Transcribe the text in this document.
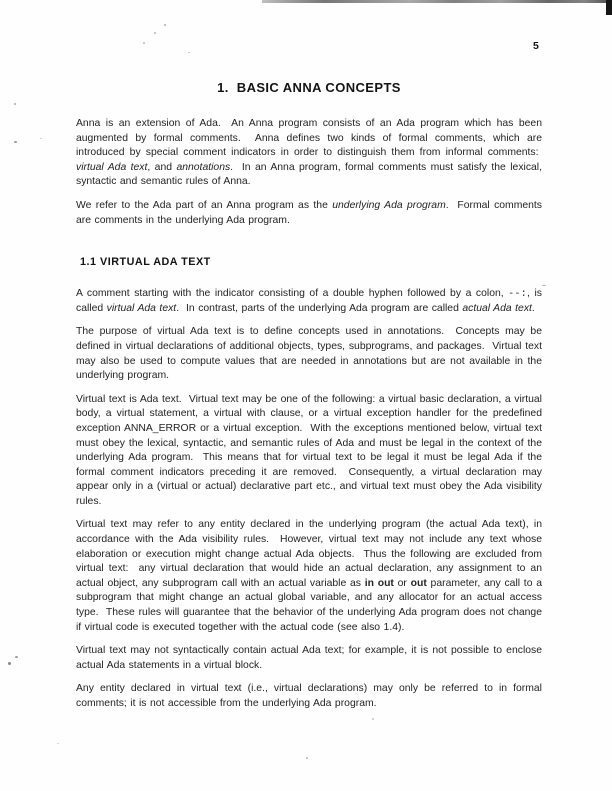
5
1.  BASIC ANNA CONCEPTS

Anna is an extension of Ada.  An Anna program consists of an Ada program which has been augmented by formal comments.  Anna defines two kinds of formal comments, which are introduced by special comment indicators in order to distinguish them from informal comments:  virtual Ada text, and annotations.  In an Anna program, formal comments must satisfy the lexical, syntactic and semantic rules of Anna.

We refer to the Ada part of an Anna program as the underlying Ada program.  Formal comments are comments in the underlying Ada program.

1.1 VIRTUAL ADA TEXT

A comment starting with the indicator consisting of a double hyphen followed by a colon, --:, is called virtual Ada text.  In contrast, parts of the underlying Ada program are called actual Ada text.

The purpose of virtual Ada text is to define concepts used in annotations.  Concepts may be defined in virtual declarations of additional objects, types, subprograms, and packages.  Virtual text may also be used to compute values that are needed in annotations but are not available in the underlying program.

Virtual text is Ada text.  Virtual text may be one of the following: a virtual basic declaration, a virtual body, a virtual statement, a virtual with clause, or a virtual exception handler for the predefined exception ANNA_ERROR or a virtual exception.  With the exceptions mentioned below, virtual text must obey the lexical, syntactic, and semantic rules of Ada and must be legal in the context of the underlying Ada program.  This means that for virtual text to be legal it must be legal Ada if the formal comment indicators preceding it are removed.  Consequently, a virtual declaration may appear only in a (virtual or actual) declarative part etc., and virtual text must obey the Ada visibility rules.

Virtual text may refer to any entity declared in the underlying program (the actual Ada text), in accordance with the Ada visibility rules.  However, virtual text may not include any text whose elaboration or execution might change actual Ada objects.  Thus the following are excluded from virtual text:  any virtual declaration that would hide an actual declaration, any assignment to an actual object, any subprogram call with an actual variable as in out or out parameter, any call to a subprogram that might change an actual global variable, and any allocator for an actual access type.  These rules will guarantee that the behavior of the underlying Ada program does not change if virtual code is executed together with the actual code (see also 1.4).

Virtual text may not syntactically contain actual Ada text; for example, it is not possible to enclose actual Ada statements in a virtual block.

Any entity declared in virtual text (i.e., virtual declarations) may only be referred to in formal comments; it is not accessible from the underlying Ada program.
